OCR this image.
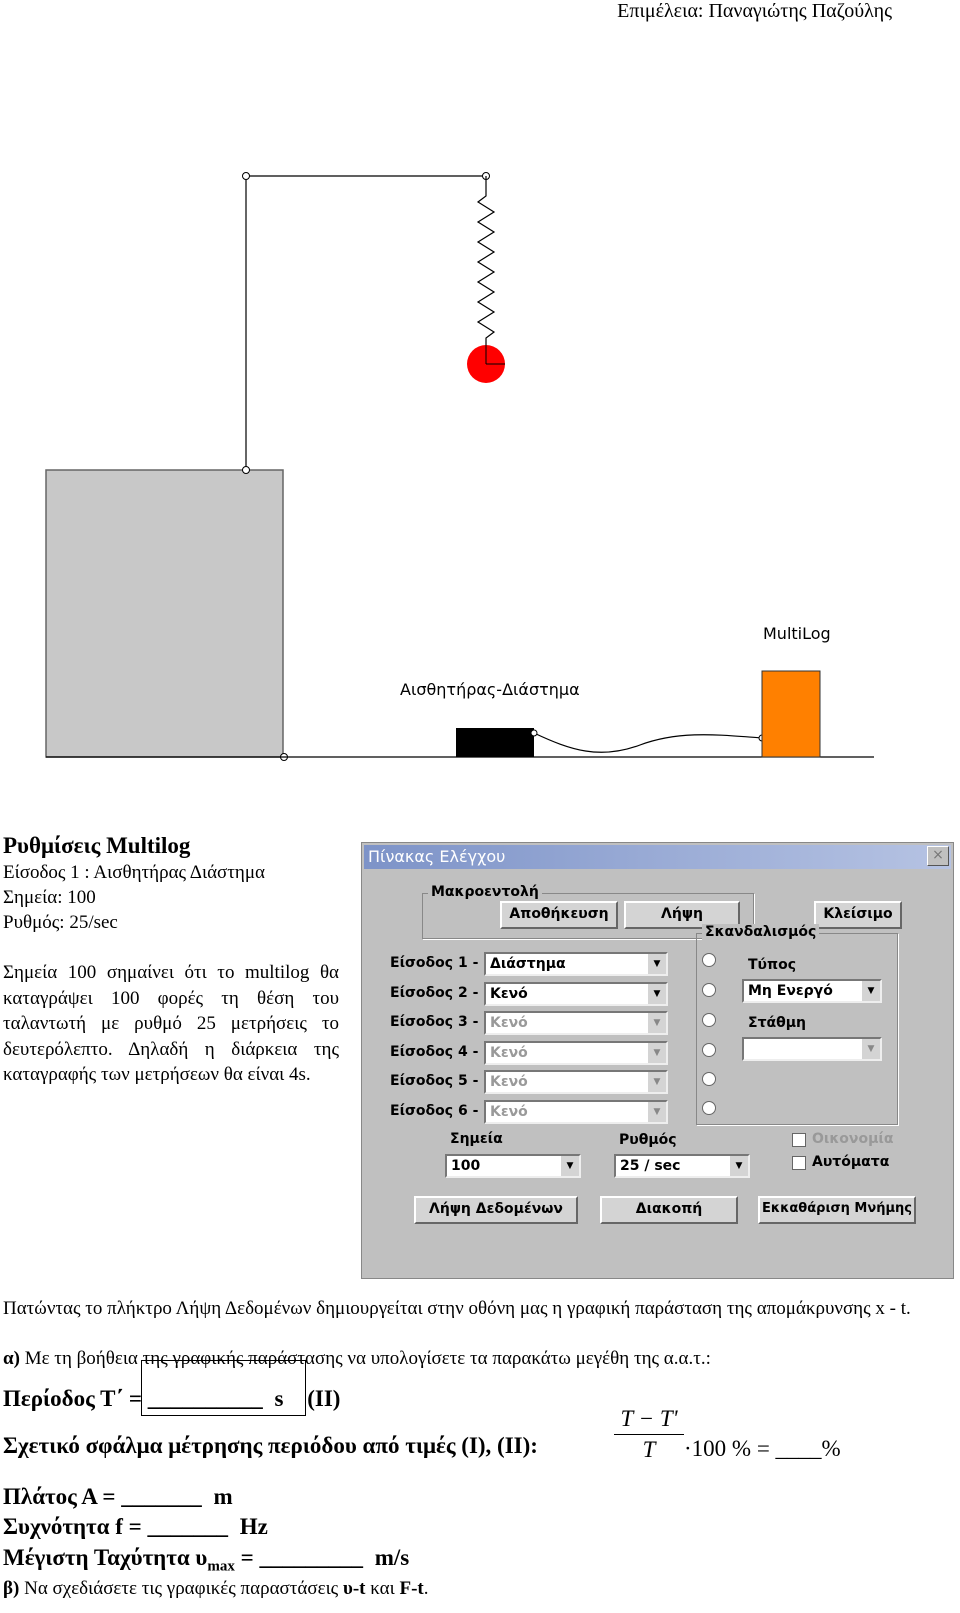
Επιμέλεια: Παναγιώτης Παζούλης
MultiLog
Αισθητήρας-Διάστημα
Ρυθμίσεις Multilog
Είσοδος 1 : Αισθητήρας Διάστημα
Σημεία: 100
Ρυθμός: 25/sec
Σημεία 100 σημαίνει ότι το multilog θα καταγράψει 100 φορές τη θέση του ταλαντωτή με ρυθμό 25 μετρήσεις το δευτερόλεπτο. Δηλαδή η διάρκεια της καταγραφής των μετρήσεων θα είναι 4s.
Πίνακας Ελέγχου	×
Μακροεντολή
Αποθήκευση	Λήψη	Κλείσιμο
Είσοδος 1 - Διάστημα	▼
Είσοδος 2 - Κενό	▼
Είσοδος 3 - Κενό	▼
Είσοδος 4 - Κενό	▼
Είσοδος 5 - Κενό	▼
Είσοδος 6 - Κενό	▼
Σκανδαλισμός
Τύπος
Μη Ενεργό	▼
Στάθμη
▼
Σημεία
100	▼
Ρυθμός
25 / sec	▼
Οικονομία
Αυτόματα
Λήψη Δεδομένων	Διακοπή	Εκκαθάριση Μνήμης
Πατώντας το πλήκτρο Λήψη Δεδομένων δημιουργείται στην οθόνη μας η γραφική παράσταση της απομάκρυνσης x - t.
α) Με τη βοήθεια της γραφικής παράστασης να υπολογίσετε τα παρακάτω μεγέθη της α.α.τ.:
Περίοδος Τ΄ = __________ s (ΙΙ)
Σχετικό σφάλμα μέτρησης περιόδου από τιμές (Ι), (ΙΙ):	$\frac{T - T'}{T} \cdot 100$ % = ____%
Πλάτος Α = _______ m
Συχνότητα f = _______ Hz
Μέγιστη Ταχύτητα $\upsilon_{max}$ = _________ m/s
β) Να σχεδιάσετε τις γραφικές παραστάσεις υ-t και F-t.
